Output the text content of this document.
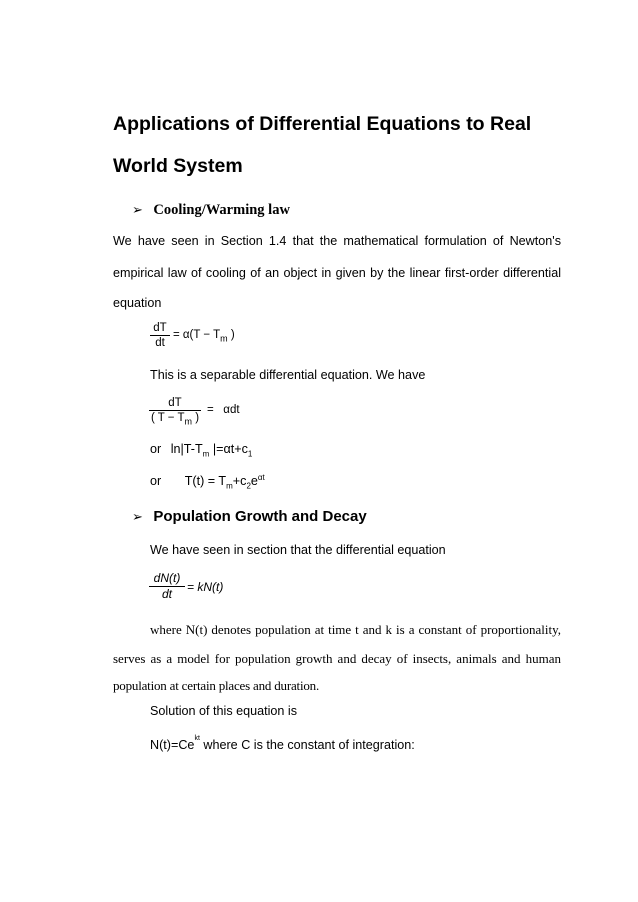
Applications of Differential Equations to Real
World System
➢ Cooling/Warming law
We have seen in Section 1.4 that the mathematical formulation of Newton's
empirical law of cooling of an object in given by the linear first-order differential
equation
dT
dt
= $\alpha(T - T_m$ )
This is a separable differential equation. We have
dT
( $T - T_m$ )
=   αdt
or $\ln|T-T_m$ $|=\alpha t+c_1$
or $T(t) = T_m+c_2e^{\alpha t}$
➢ Population Growth and Decay
We have seen in section that the differential equation
dN(t)
dt	= kN(t)
where N(t) denotes population at time t and k is a constant of proportionality,
serves as a model for population growth and decay of insects, animals and human
population at certain places and duration.
Solution of this equation is
$N(t)=Ce^{kt}$ where C is the constant of integration:
